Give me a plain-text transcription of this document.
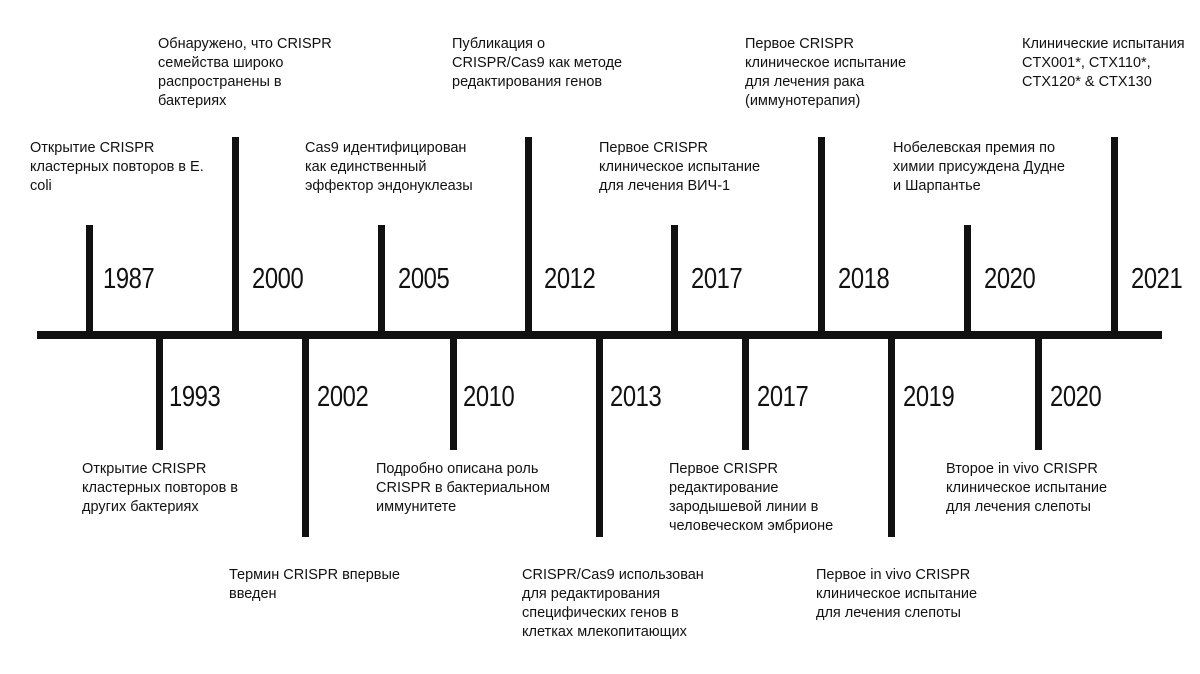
1987
1993
2000
2002
2005
2010
2012
2013
2017
2017
2018
2019
2020
2020
2021
Открытие CRISPR
кластерных повторов в E.
coli
Открытие CRISPR
кластерных повторов в
других бактериях
Обнаружено, что CRISPR
семейства широко
распространены в
бактериях
Термин CRISPR впервые
введен
Cas9 идентифицирован
как единственный
эффектор эндонуклеазы
Подробно описана роль
CRISPR в бактериальном
иммунитете
Публикация о
CRISPR/Cas9 как методе
редактирования генов
CRISPR/Cas9 использован
для редактирования
специфических генов в
клетках млекопитающих
Первое CRISPR
клиническое испытание
для лечения ВИЧ-1
Первое CRISPR
редактирование
зародышевой линии в
человеческом эмбрионе
Первое CRISPR
клиническое испытание
для лечения рака
(иммунотерапия)
Первое in vivo CRISPR
клиническое испытание
для лечения слепоты
Нобелевская премия по
химии присуждена Дудне
и Шарпантье
Второе in vivo CRISPR
клиническое испытание
для лечения слепоты
Клинические испытания
CTX001*, CTX110*,
CTX120* & CTX130
